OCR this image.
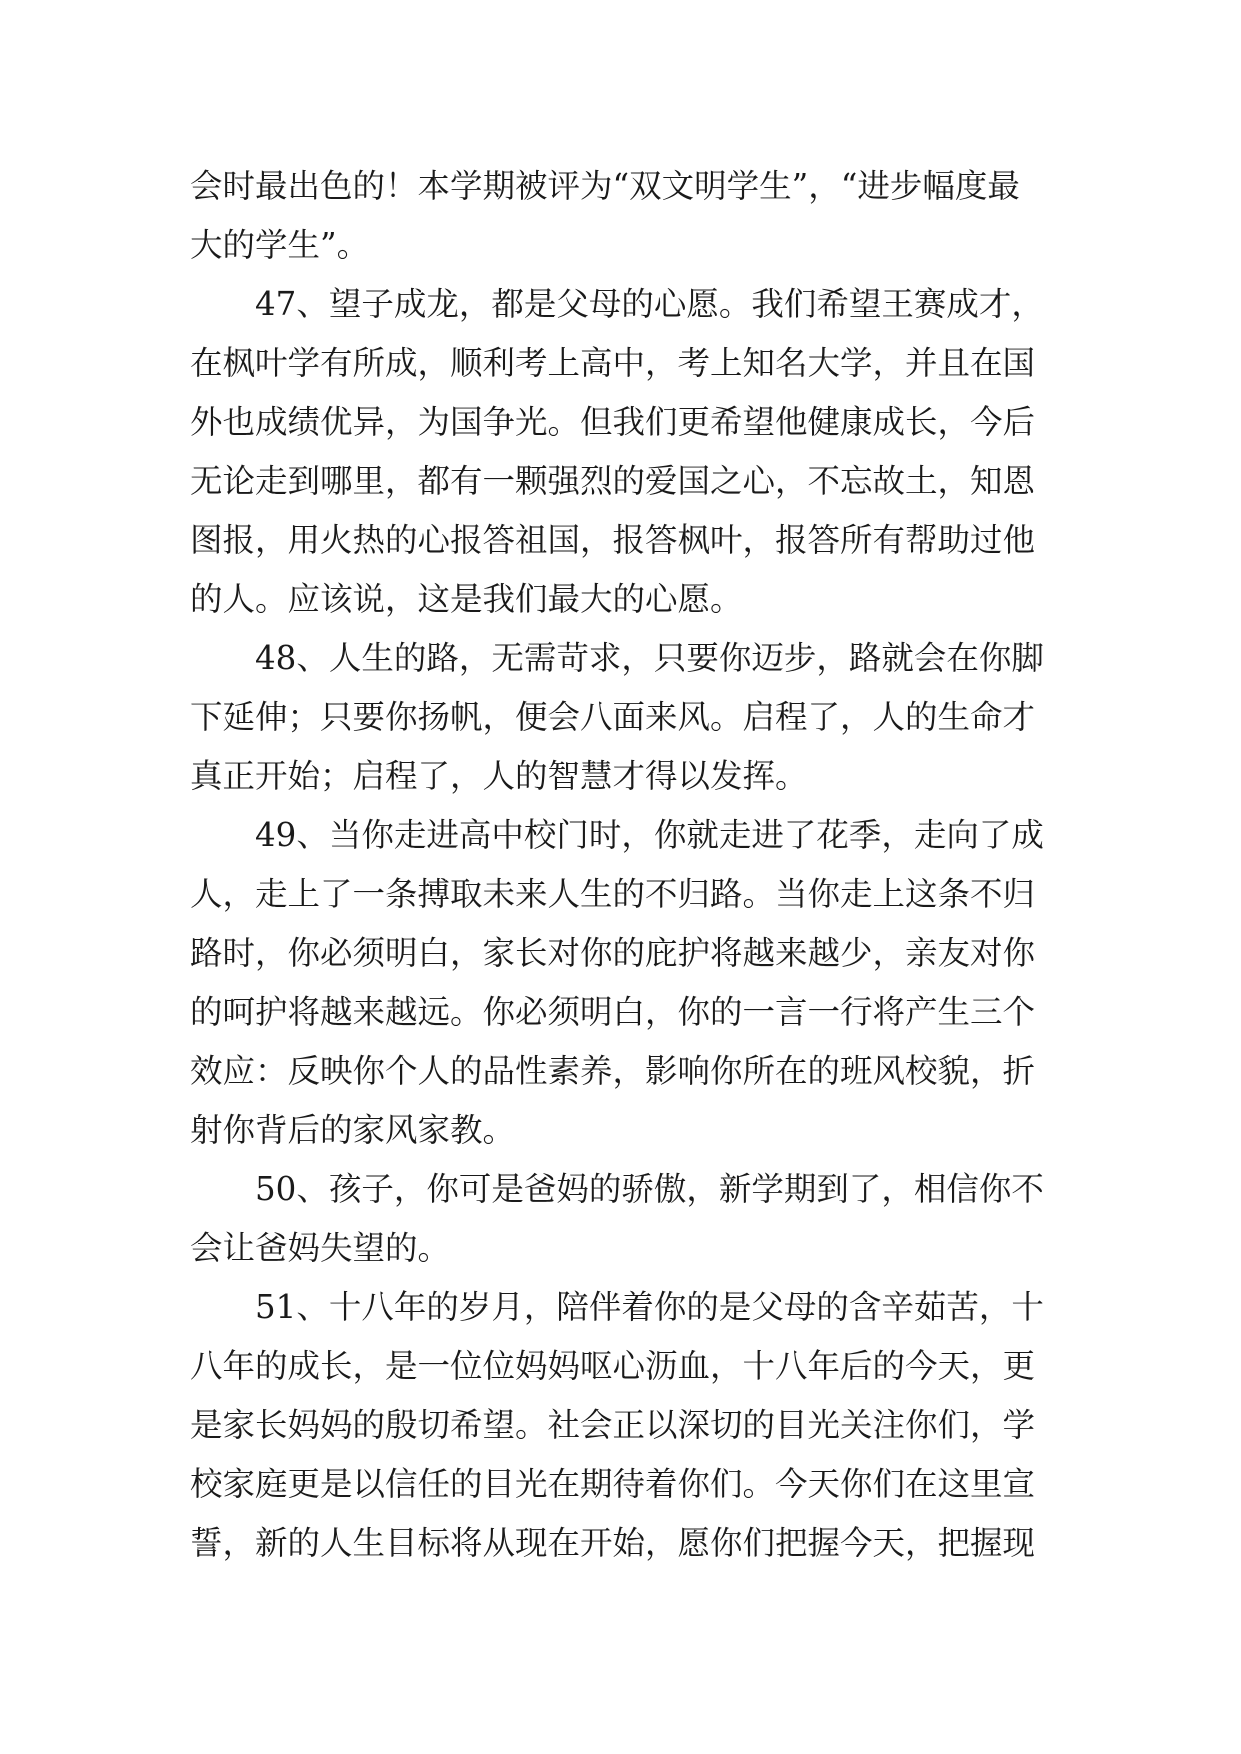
会时最出色的！本学期被评为“双文明学生”，“进步幅度最
大的学生”。
47、望子成龙，都是父母的心愿。我们希望王赛成才，
在枫叶学有所成，顺利考上高中，考上知名大学，并且在国
外也成绩优异，为国争光。但我们更希望他健康成长，今后
无论走到哪里，都有一颗强烈的爱国之心，不忘故土，知恩
图报，用火热的心报答祖国，报答枫叶，报答所有帮助过他
的人。应该说，这是我们最大的心愿。
48、人生的路，无需苛求，只要你迈步，路就会在你脚
下延伸；只要你扬帆，便会八面来风。启程了，人的生命才
真正开始；启程了，人的智慧才得以发挥。
49、当你走进高中校门时，你就走进了花季，走向了成
人，走上了一条搏取未来人生的不归路。当你走上这条不归
路时，你必须明白，家长对你的庇护将越来越少，亲友对你
的呵护将越来越远。你必须明白，你的一言一行将产生三个
效应：反映你个人的品性素养，影响你所在的班风校貌，折
射你背后的家风家教。
50、孩子，你可是爸妈的骄傲，新学期到了，相信你不
会让爸妈失望的。
51、十八年的岁月，陪伴着你的是父母的含辛茹苦，十
八年的成长，是一位位妈妈呕心沥血，十八年后的今天，更
是家长妈妈的殷切希望。社会正以深切的目光关注你们，学
校家庭更是以信任的目光在期待着你们。今天你们在这里宣
誓，新的人生目标将从现在开始，愿你们把握今天，把握现
